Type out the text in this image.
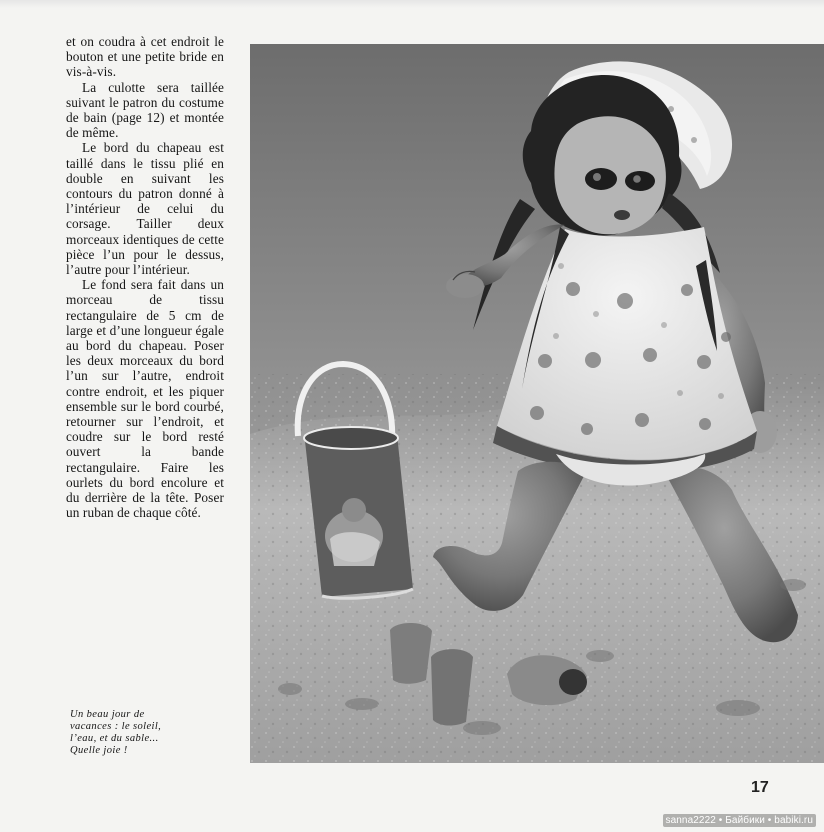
et on coudra à cet endroit le bouton et une petite bride en vis-à-vis.

La culotte sera taillée suivant le patron du costume de bain (page 12) et montée de même.

Le bord du chapeau est taillé dans le tissu plié en double en suivant les contours du patron donné à l’intérieur de celui du corsage. Tailler deux morceaux identiques de cette pièce l’un pour le dessus, l’autre pour l’intérieur.

Le fond sera fait dans un morceau de tissu rectangulaire de 5 cm de large et d’une longueur égale au bord du chapeau. Poser les deux morceaux du bord l’un sur l’autre, endroit contre endroit, et les piquer ensemble sur le bord courbé, retourner sur l’endroit, et coudre sur le bord resté ouvert la bande rectangulaire. Faire les ourlets du bord encolure et du derrière de la tête. Poser un ruban de chaque côté.

Un beau jour de vacances : le soleil, l’eau, et du sable... Quelle joie !
17
sanna2222 • Байбики • babiki.ru
